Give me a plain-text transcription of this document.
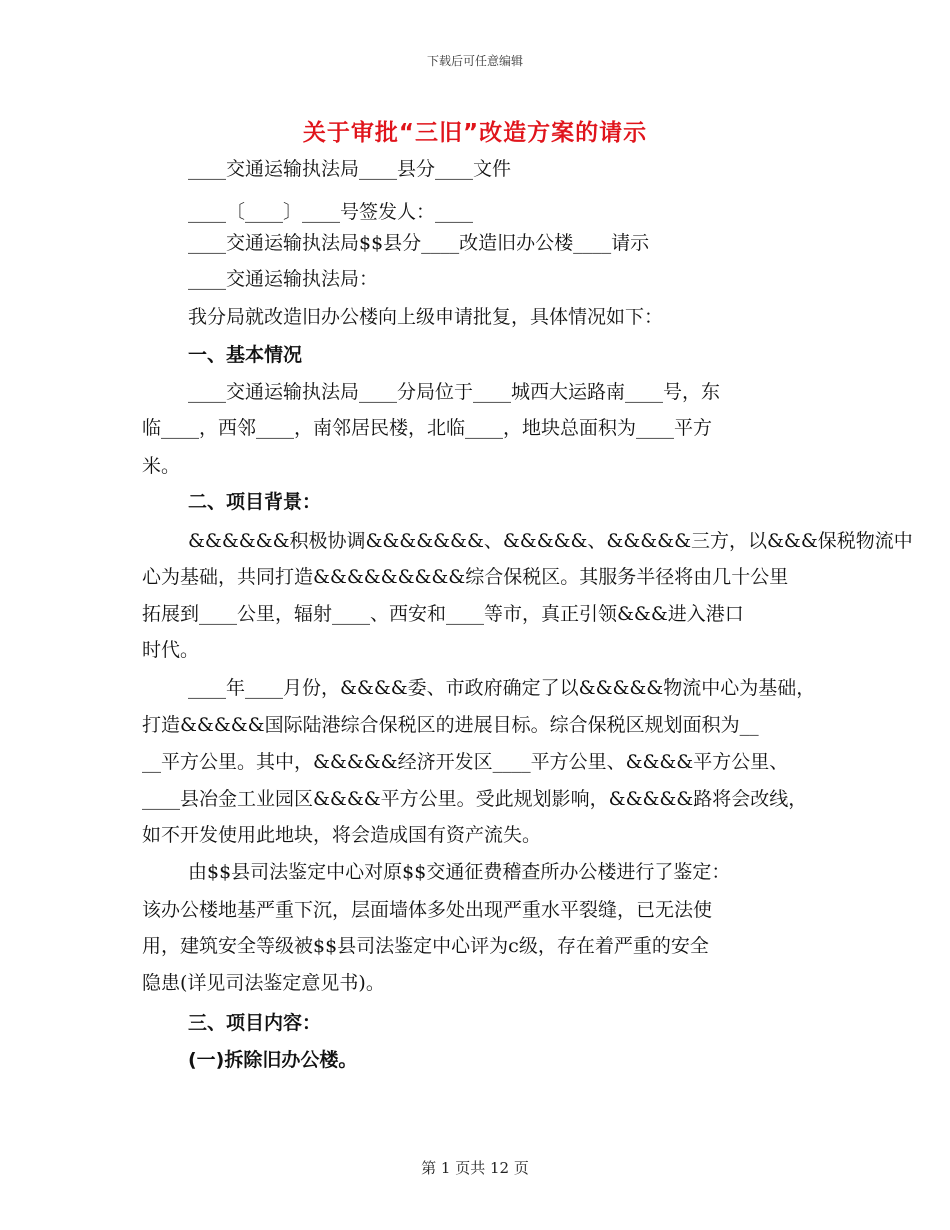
下载后可任意编辑
关于审批“三旧”改造方案的请示
____交通运输执法局____县分____文件
____〔____〕____号签发人：____
____交通运输执法局$$县分____改造旧办公楼____请示
____交通运输执法局：
我分局就改造旧办公楼向上级申请批复，具体情况如下：
一、基本情况
____交通运输执法局____分局位于____城西大运路南____号，东
临____，西邻____，南邻居民楼，北临____，地块总面积为____平方
米。
二、项目背景：
&&&&&&积极协调&&&&&&&、&&&&&、&&&&&三方，以&&&保税物流中
心为基础，共同打造&&&&&&&&&综合保税区。其服务半径将由几十公里
拓展到____公里，辐射____、西安和____等市，真正引领&&&进入港口
时代。
____年____月份，&&&&委、市政府确定了以&&&&&物流中心为基础，
打造&&&&&国际陆港综合保税区的进展目标。综合保税区规划面积为__
__平方公里。其中，&&&&&经济开发区____平方公里、&&&&平方公里、
____县冶金工业园区&&&&平方公里。受此规划影响，&&&&&路将会改线，
如不开发使用此地块，将会造成国有资产流失。
由$$县司法鉴定中心对原$$交通征费稽查所办公楼进行了鉴定：
该办公楼地基严重下沉，层面墙体多处出现严重水平裂缝，已无法使
用，建筑安全等级被$$县司法鉴定中心评为c级，存在着严重的安全
隐患(详见司法鉴定意见书)。
三、项目内容：
(一)拆除旧办公楼。
第 1 页共 12 页
